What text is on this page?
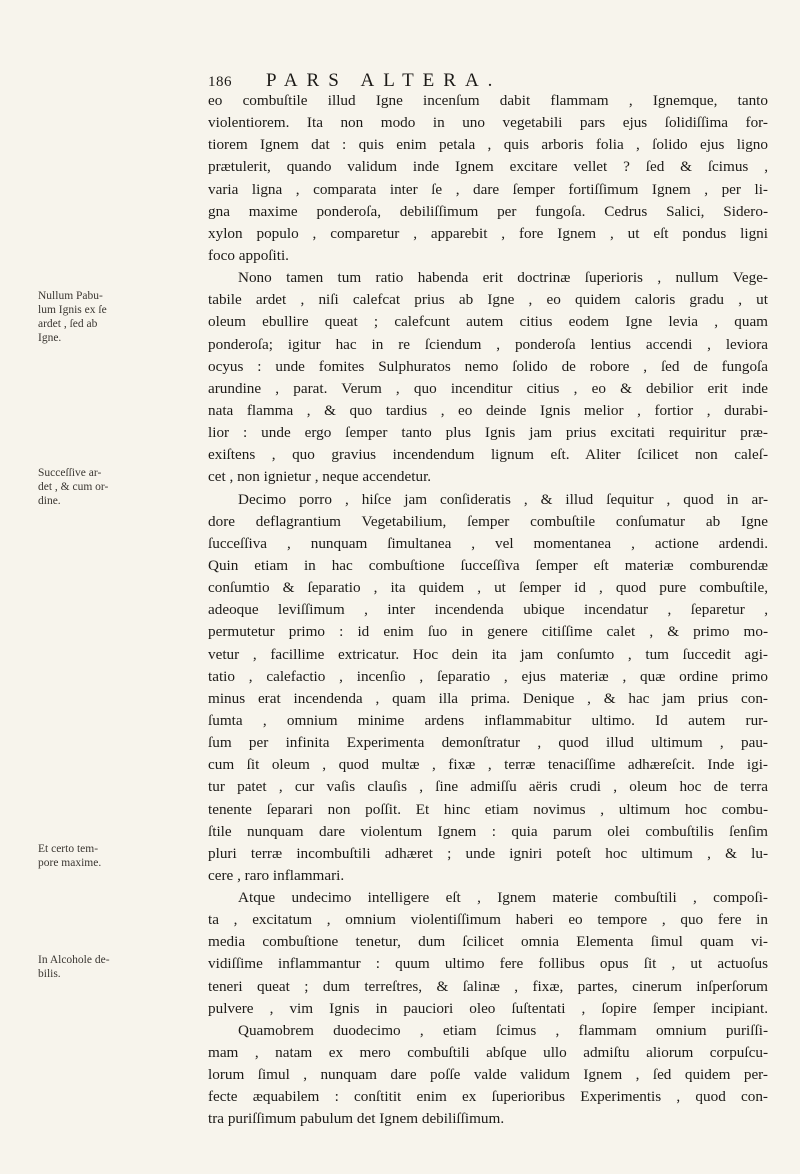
186 PARS ALTERA.
eo combuſtile illud Igne incenſum dabit flammam , Ignemque, tanto
violentiorem. Ita non modo in uno vegetabili pars ejus ſolidiſſima for-
tiorem Ignem dat : quis enim petala , quis arboris folia , ſolido ejus ligno
prætulerit, quando validum inde Ignem excitare vellet ? ſed & ſcimus ,
varia ligna , comparata inter ſe , dare ſemper fortiſſimum Ignem , per li-
gna maxime ponderoſa, debiliſſimum per fungoſa. Cedrus Salici, Sidero-
xylon populo , comparetur , apparebit , fore Ignem , ut eſt pondus ligni
foco appoſiti.
Nono tamen tum ratio habenda erit doctrinæ ſuperioris , nullum Vege-
tabile ardet , niſi calefcat prius ab Igne , eo quidem caloris gradu , ut
oleum ebullire queat ; calefcunt autem citius eodem Igne levia , quam
ponderoſa; igitur hac in re ſciendum , ponderoſa lentius accendi , leviora
ocyus : unde fomites Sulphuratos nemo ſolido de robore , ſed de fungoſa
arundine , parat. Verum , quo incenditur citius , eo & debilior erit inde
nata flamma , & quo tardius , eo deinde Ignis melior , fortior , durabi-
lior : unde ergo ſemper tanto plus Ignis jam prius excitati requiritur præ-
exiſtens , quo gravius incendendum lignum eſt. Aliter ſcilicet non caleſ-
cet , non ignietur , neque accendetur.
Decimo porro , hiſce jam conſideratis , & illud ſequitur , quod in ar-
dore deflagrantium Vegetabilium, ſemper combuſtile conſumatur ab Igne
ſucceſſiva , nunquam ſimultanea , vel momentanea , actione ardendi.
Quin etiam in hac combuſtione ſucceſſiva ſemper eſt materiæ comburendæ
conſumtio & ſeparatio , ita quidem , ut ſemper id , quod pure combuſtile,
adeoque leviſſimum , inter incendenda ubique incendatur , ſeparetur ,
permutetur primo : id enim ſuo in genere citiſſime calet , & primo mo-
vetur , facillime extricatur. Hoc dein ita jam conſumto , tum ſuccedit agi-
tatio , calefactio , incenſio , ſeparatio , ejus materiæ , quæ ordine primo
minus erat incendenda , quam illa prima. Denique , & hac jam prius con-
ſumta , omnium minime ardens inflammabitur ultimo. Id autem rur-
ſum per infinita Experimenta demonſtratur , quod illud ultimum , pau-
cum ſit oleum , quod multæ , fixæ , terræ tenaciſſime adhæreſcit. Inde igi-
tur patet , cur vaſis clauſis , ſine admiſſu aëris crudi , oleum hoc de terra
tenente ſeparari non poſſit. Et hinc etiam novimus , ultimum hoc combu-
ſtile nunquam dare violentum Ignem : quia parum olei combuſtilis ſenſim
pluri terræ incombuſtili adhæret ; unde igniri poteſt hoc ultimum , & lu-
cere , raro inflammari.
Atque undecimo intelligere eſt , Ignem materie combuſtili , compoſi-
ta , excitatum , omnium violentiſſimum haberi eo tempore , quo fere in
media combuſtione tenetur, dum ſcilicet omnia Elementa ſimul quam vi-
vidiſſime inflammantur : quum ultimo fere follibus opus ſit , ut actuoſus
teneri queat ; dum terreſtres, & ſalinæ , fixæ, partes, cinerum inſperſorum
pulvere , vim Ignis in pauciori oleo ſuſtentati , ſopire ſemper incipiant.
Quamobrem duodecimo , etiam ſcimus , flammam omnium puriſſi-
mam , natam ex mero combuſtili abſque ullo admiſtu aliorum corpuſcu-
lorum ſimul , nunquam dare poſſe valde validum Ignem , ſed quidem per-
fecte æquabilem : conſtitit enim ex ſuperioribus Experimentis , quod con-
tra puriſſimum pabulum det Ignem debiliſſimum.
Nullum Pabu-
lum Ignis ex ſe
ardet , ſed ab
Igne.
Succeſſive ar-
det , & cum or-
dine.
Et certo tem-
pore maxime.
In Alcohole de-
bilis.
